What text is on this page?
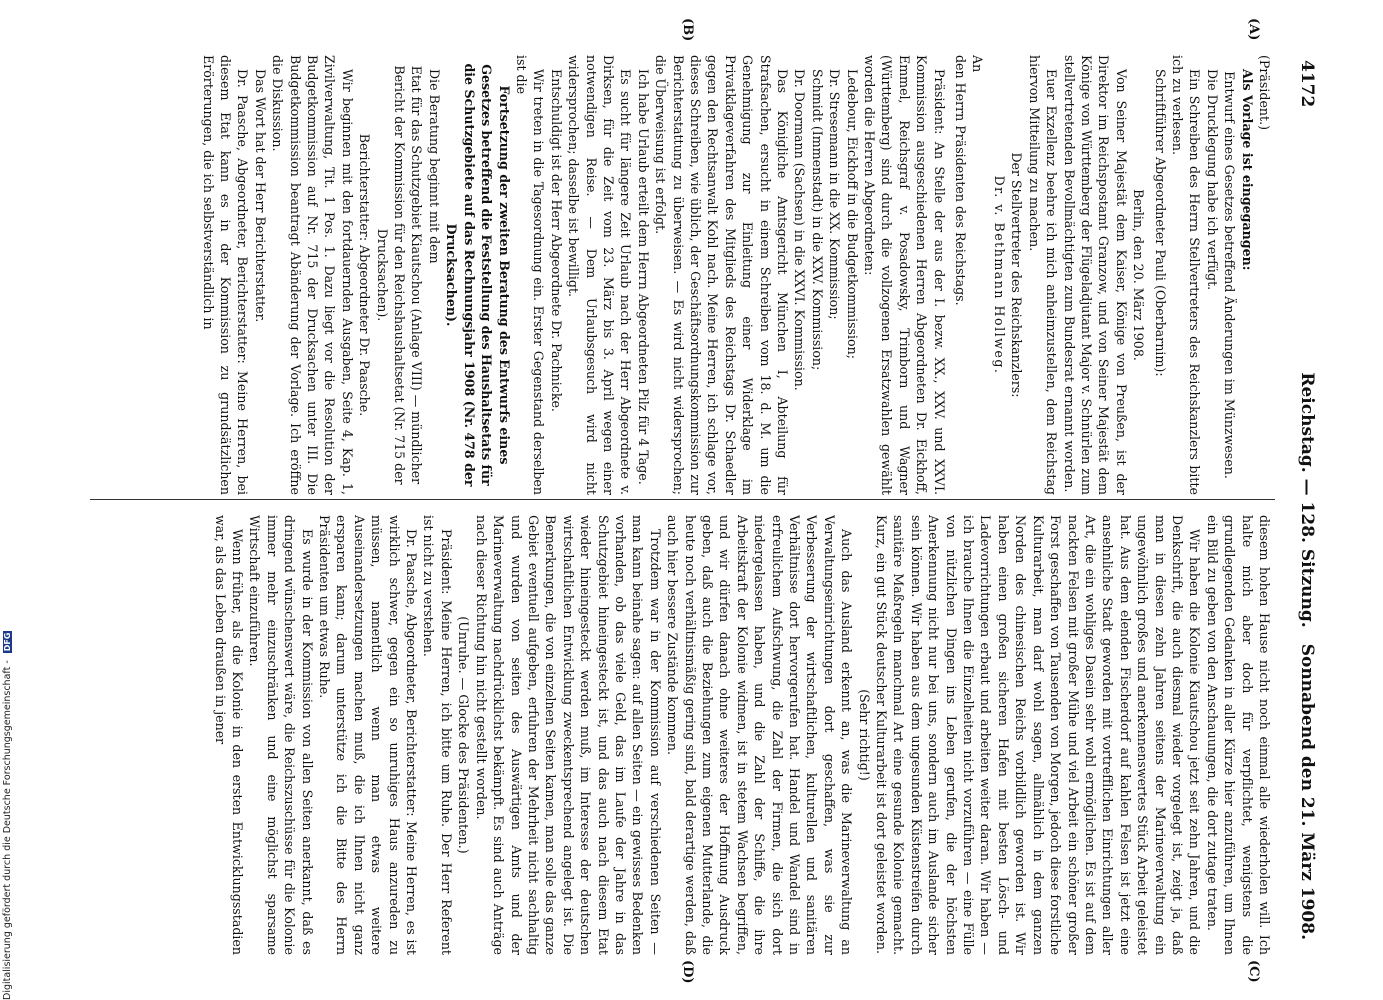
4172
Reichstag. — 128. Sitzung.
Sonnabend den 21. März 1908.
(A)
(B)
(C)
(D)

(Präsident.)

Als Vorlage ist eingegangen:

Entwurf eines Gesetzes betreffend Änderungen im Münzwesen.

Die Drucklegung habe ich verfügt.

Ein Schreiben des Herrn Stellvertreters des Reichskanzlers bitte ich zu verlesen.

Schriftführer Abgeordneter Pauli (Oberbarnim):

Berlin, den 20. März 1908.

Von Seiner Majestät dem Kaiser, Könige von Preußen, ist der Direktor im Reichspostamt Granzow, und von Seiner Majestät dem Könige von Württemberg der Flügeladjutant Major v. Schnürlen zum stellvertretenden Bevollmächtigten zum Bundesrat ernannt worden.

Euer Exzellenz beehre ich mich anheimzustellen, dem Reichstag hiervon Mitteilung zu machen.

Der Stellvertreter des Reichskanzlers:

Dr. v. Bethmann Hollweg.

An

den Herrn Präsidenten des Reichstags.

Präsident: An Stelle der aus der I. bezw. XX., XXV. und XXVI. Kommission ausgeschiedenen Herren Abgeordneten Dr. Eickhoff, Emmel, Reichsgraf v. Posadowsky, Trimborn und Wagner (Württemberg) sind durch die vollzogenen Ersatzwahlen gewählt worden die Herren Abgeordneten:

Ledebour, Eickhoff in die Budgetkommission;

Dr. Stresemann in die XX. Kommission;

Schmidt (Immenstadt) in die XXV. Kommission;

Dr. Doormann (Sachsen) in die XXVI. Kommission.

Das Königliche Amtsgericht München I, Abteilung für Strafsachen, ersucht in einem Schreiben vom 18. d. M. um die Genehmigung zur Einleitung einer Widerklage im Privatklageverfahren des Mitglieds des Reichstags Dr. Schaedler gegen den Rechtsanwalt Kohl nach. Meine Herren, ich schlage vor, dieses Schreiben, wie üblich, der Geschäftsordnungskommission zur Berichterstattung zu überweisen. — Es wird nicht widersprochen; die Überweisung ist erfolgt.

Ich habe Urlaub erteilt dem Herrn Abgeordneten Pilz für 4 Tage.

Es sucht für längere Zeit Urlaub nach der Herr Abgeordnete v. Dirksen, für die Zeit vom 23. März bis 3. April wegen einer notwendigen Reise. — Dem Urlaubsgesuch wird nicht widersprochen; dasselbe ist bewilligt.

Entschuldigt ist der Herr Abgeordnete Dr. Pachnicke.

Wir treten in die Tagesordnung ein. Erster Gegenstand derselben ist die

Fortsetzung der zweiten Beratung des Entwurfs eines Gesetzes betreffend die Feststellung des Haushaltsetats für die Schutzgebiete auf das Rechnungsjahr 1908 (Nr. 478 der Drucksachen).

Die Beratung beginnt mit dem

Etat für das Schutzgebiet Kiautschou (Anlage VIII) — mündlicher Bericht der Kommission für den Reichshaushaltsetat (Nr. 715 der Drucksachen).

Berichterstatter: Abgeordneter Dr. Paasche.

Wir beginnen mit den fortdauernden Ausgaben, Seite 4, Kap. 1, Zivilverwaltung, Tit. 1 Pos. 1. Dazu liegt vor die Resolution der Budgetkommission auf Nr. 715 der Drucksachen unter III. Die Budgetkommission beantragt Abänderung der Vorlage. Ich eröffne die Diskussion.

Das Wort hat der Herr Berichterstatter.

Dr. Paasche, Abgeordneter, Berichterstatter: Meine Herren, bei diesem Etat kann es in der Kommission zu grundsätzlichen Erörterungen, die ich selbstverständlich in

diesem hohen Hause nicht noch einmal alle wiederholen will. Ich halte mich aber doch für verpflichtet, wenigstens die grundlegenden Gedanken in aller Kürze hier anzuführen, um Ihnen ein Bild zu geben von den Anschauungen, die dort zutage traten.

Wir haben die Kolonie Kiautschou jetzt seit zehn Jahren, und die Denkschrift, die auch diesmal wieder vorgelegt ist, zeigt ja, daß man in diesen zehn Jahren seitens der Marineverwaltung ein ungewöhnlich großes und anerkennenswertes Stück Arbeit geleistet hat. Aus dem elenden Fischerdorf auf kahlen Felsen ist jetzt eine ansehnliche Stadt geworden mit vortrefflichen Einrichtungen aller Art, die ein wohliges Dasein sehr wohl ermöglichen. Es ist auf dem nackten Felsen mit großer Mühe und viel Arbeit ein schöner großer Forst geschaffen von Tausenden von Morgen, jedoch diese forstliche Kulturarbeit, man darf wohl sagen, allmählich in dem ganzen Norden des chinesischen Reichs vorbildlich geworden ist. Wir haben einen großen sicheren Hafen mit besten Lösch- und Ladevorrichtungen erbaut und arbeiten weiter daran. Wir haben — ich brauche Ihnen die Einzelheiten nicht vorzuführen — eine Fülle von nützlichen Dingen ins Leben gerufen, die der höchsten Anerkennung nicht nur bei uns, sondern auch im Auslande sicher sein können. Wir haben aus dem ungesunden Küstenstreifen durch sanitäre Maßregeln manchmal Art eine gesunde Kolonie gemacht. Kurz, ein gut Stück deutscher Kulturarbeit ist dort geleistet worden.

(Sehr richtig!)

Auch das Ausland erkennt an, was die Marineverwaltung an Verwaltungseinrichtungen dort geschaffen, was sie zur Verbesserung der wirtschaftlichen, kulturellen und sanitären Verhältnisse dort hervorgerufen hat. Handel und Wandel sind in erfreulichem Aufschwung, die Zahl der Firmen, die sich dort niedergelassen haben, und die Zahl der Schiffe, die ihre Arbeitskraft der Kolonie widmen, ist in stetem Wachsen begriffen, und wir dürfen danach ohne weiteres der Hoffnung Ausdruck geben, daß auch die Beziehungen zum eigenen Mutterlande, die heute noch verhältnismäßig gering sind, bald derartige werden, daß auch hier bessere Zustände kommen.

Trotzdem war in der Kommission auf verschiedenen Seiten — man kann beinahe sagen: auf allen Seiten — ein gewisses Bedenken vorhanden, ob das viele Geld, das im Laufe der Jahre in das Schutzgebiet hineingesteckt ist, und das auch nach diesem Etat wieder hineingesteckt werden muß, im Interesse der deutschen wirtschaftlichen Entwicklung zweckentsprechend angelegt ist. Die Bemerkungen, die von einzelnen Seiten kamen, man solle das ganze Gebiet eventuell aufgeben, erfuhren der Mehrheit nicht sachhaltig und wurden von seiten des Auswärtigen Amts und der Marineverwaltung nachdrücklichst bekämpft. Es sind auch Anträge nach dieser Richtung hin nicht gestellt worden.

(Unruhe. — Glocke des Präsidenten.)

Präsident: Meine Herren, ich bitte um Ruhe. Der Herr Referent ist nicht zu verstehen.

Dr. Paasche, Abgeordneter, Berichterstatter: Meine Herren, es ist wirklich schwer, gegen ein so unruhiges Haus anzureden zu müssen, namentlich wenn man etwas weitere Auseinandersetzungen machen muß, die ich Ihnen nicht ganz ersparen kann; darum unterstütze ich die Bitte des Herrn Präsidenten um etwas Ruhe.

Es wurde in der Kommission von allen Seiten anerkannt, daß es dringend wünschenswert wäre, die Reichszuschüsse für die Kolonie immer mehr einzuschränken und eine möglichst sparsame Wirtschaft einzuführen.

Wenn früher, als die Kolonie in den ersten Entwicklungsstadien war, als das Leben draußen in jener

Digitalisierung gefördert durch die Deutsche Forschungsgemeinschaft - DFG
